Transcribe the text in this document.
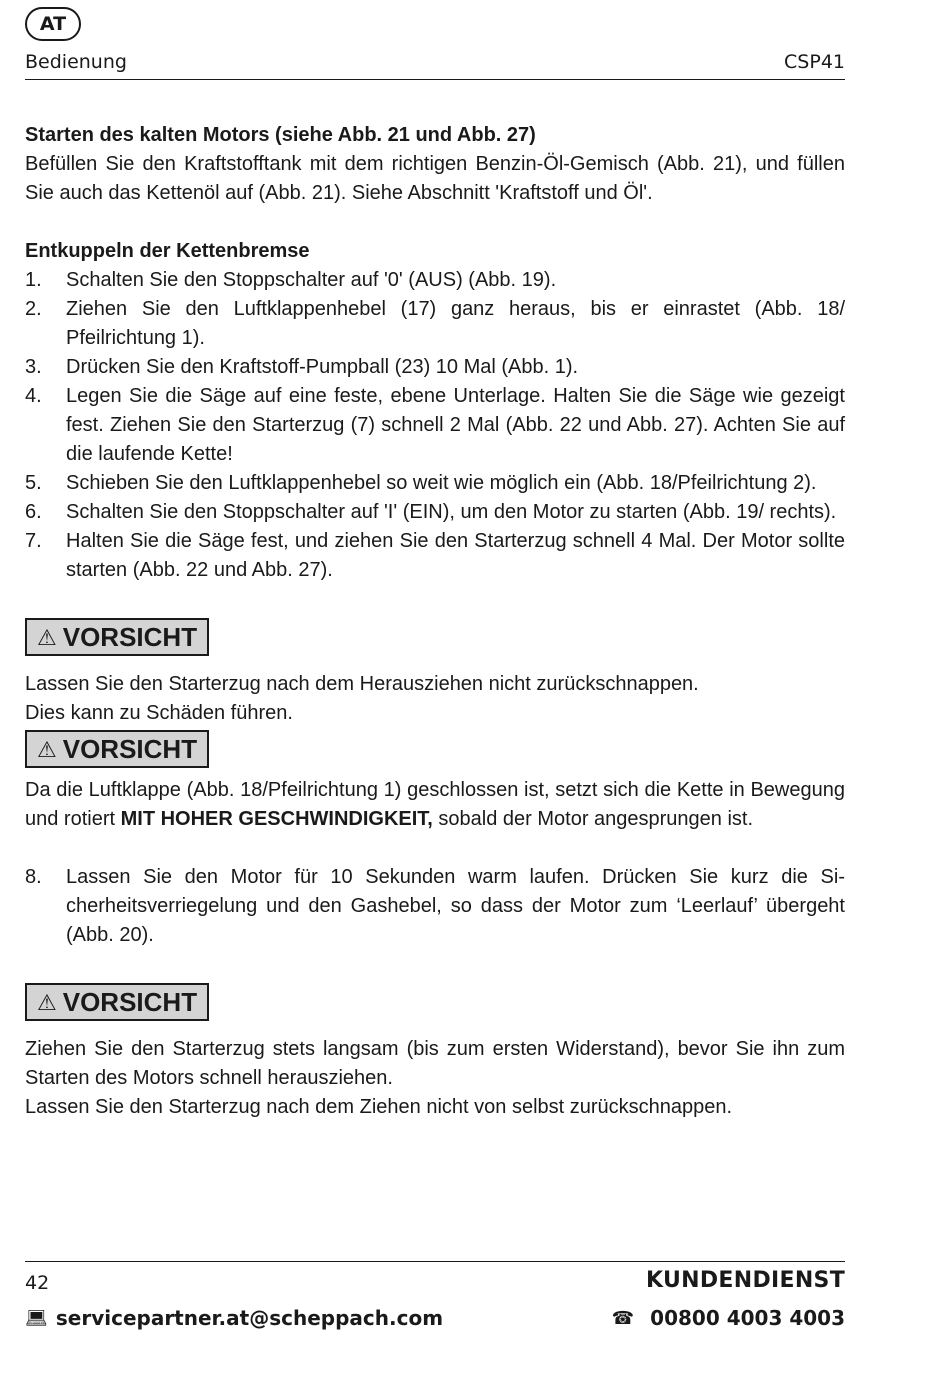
AT
Bedienung	CSP41

Starten des kalten Motors (siehe Abb. 21 und Abb. 27)

Befüllen Sie den Kraftstofftank mit dem richtigen Benzin-Öl-Gemisch (Abb. 21), und füllen Sie auch das Kettenöl auf (Abb. 21). Siehe Abschnitt 'Kraftstoff und Öl'.

Entkuppeln der Kettenbremse

1.	Schalten Sie den Stoppschalter auf '0' (AUS) (Abb. 19).
2.	Ziehen Sie den Luftklappenhebel (17) ganz heraus, bis er einrastet (Abb. 18/ Pfeilrichtung 1).
3.	Drücken Sie den Kraftstoff-Pumpball (23) 10 Mal (Abb. 1).
4.	Legen Sie die Säge auf eine feste, ebene Unterlage. Halten Sie die Säge wie gezeigt fest. Ziehen Sie den Starterzug (7) schnell 2 Mal (Abb. 22 und Abb. 27). Achten Sie auf die laufende Kette!
5.	Schieben Sie den Luftklappenhebel so weit wie möglich ein (Abb. 18/Pfeilrichtung 2).
6.	Schalten Sie den Stoppschalter auf 'I' (EIN), um den Motor zu starten (Abb. 19/ rechts).
7.	Halten Sie die Säge fest, und ziehen Sie den Starterzug schnell 4 Mal. Der Motor sollte starten (Abb. 22 und Abb. 27).
⚠ VORSICHT

Lassen Sie den Starterzug nach dem Herausziehen nicht zurückschnappen.

Dies kann zu Schäden führen.

⚠ VORSICHT

Da die Luftklappe (Abb. 18/Pfeilrichtung 1) geschlossen ist, setzt sich die Kette in Bewegung und rotiert MIT HOHER GESCHWINDIGKEIT, sobald der Motor angesprungen ist.

8.	Lassen Sie den Motor für 10 Sekunden warm laufen. Drücken Sie kurz die Sicherheitsverriegelung und den Gashebel, so dass der Motor zum ‘Leerlauf’ übergeht (Abb. 20).
⚠ VORSICHT

Ziehen Sie den Starterzug stets langsam (bis zum ersten Widerstand), bevor Sie ihn zum Starten des Motors schnell herausziehen.

Lassen Sie den Starterzug nach dem Ziehen nicht von selbst zurückschnappen.

42	KUNDENDIENST
💻︎ servicepartner.at@scheppach.com	☎ 00800 4003 4003
